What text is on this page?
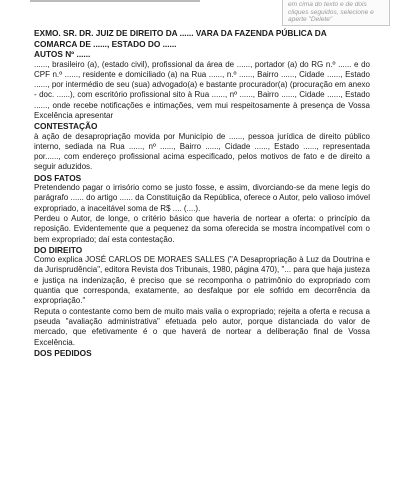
em cima do texto e de dois
cliques seguidos, selecione e
aperte "Delete"

EXMO. SR. DR. JUIZ DE DIREITO DA ...... VARA DA FAZENDA PÚBLICA DA COMARCA DE ......, ESTADO DO ......

AUTOS Nº ......

......, brasileiro (a), (estado civil), profissional da área de ......, portador (a) do RG n.º ...... e do CPF n.º ......, residente e domiciliado (a) na Rua ......, n.º ......, Bairro ......, Cidade ......, Estado ......, por intermédio de seu (sua) advogado(a) e bastante procurador(a) (procuração em anexo - doc. ......), com escritório profissional sito à Rua ......, nº ......, Bairro ......, Cidade ......, Estado ......, onde recebe notificações e intimações, vem mui respeitosamente à presença de Vossa Excelência apresentar

CONTESTAÇÃO

à ação de desapropriação movida por Município de ......, pessoa jurídica de direito público interno, sediada na Rua ......, nº ......, Bairro ......, Cidade ......, Estado ......, representada por......, com endereço profissional acima especificado, pelos motivos de fato e de direito a seguir aduzidos.

DOS FATOS

Pretendendo pagar o irrisório como se justo fosse, e assim, divorciando-se da mene legis do parágrafo ...... do artigo ...... da Constituição da República, oferece o Autor, pelo valioso imóvel expropriado, a inaceitável soma de R$ .... (....).

Perdeu o Autor, de longe, o critério básico que haveria de nortear a oferta: o princípio da reposição. Evidentemente que a pequenez da soma oferecida se mostra incompatível com o bem expropriado; daí esta contestação.

DO DIREITO

Como explica JOSÉ CARLOS DE MORAES SALLES ("A Desapropriação à Luz da Doutrina e da Jurisprudência", editora Revista dos Tribunais, 1980, página 470), "... para que haja justeza e justiça na indenização, é preciso que se recomponha o patrimônio do expropriado com quantia que corresponda, exatamente, ao desfalque por ele sofrido em decorrência da expropriação."

Reputa o contestante como bem de muito mais valia o expropriado; rejeita a oferta e recusa a pseuda "avaliação administrativa" efetuada pelo autor, porque distanciada do valor de mercado, que efetivamente é o que haverá de nortear a deliberação final de Vossa Excelência.

DOS PEDIDOS
